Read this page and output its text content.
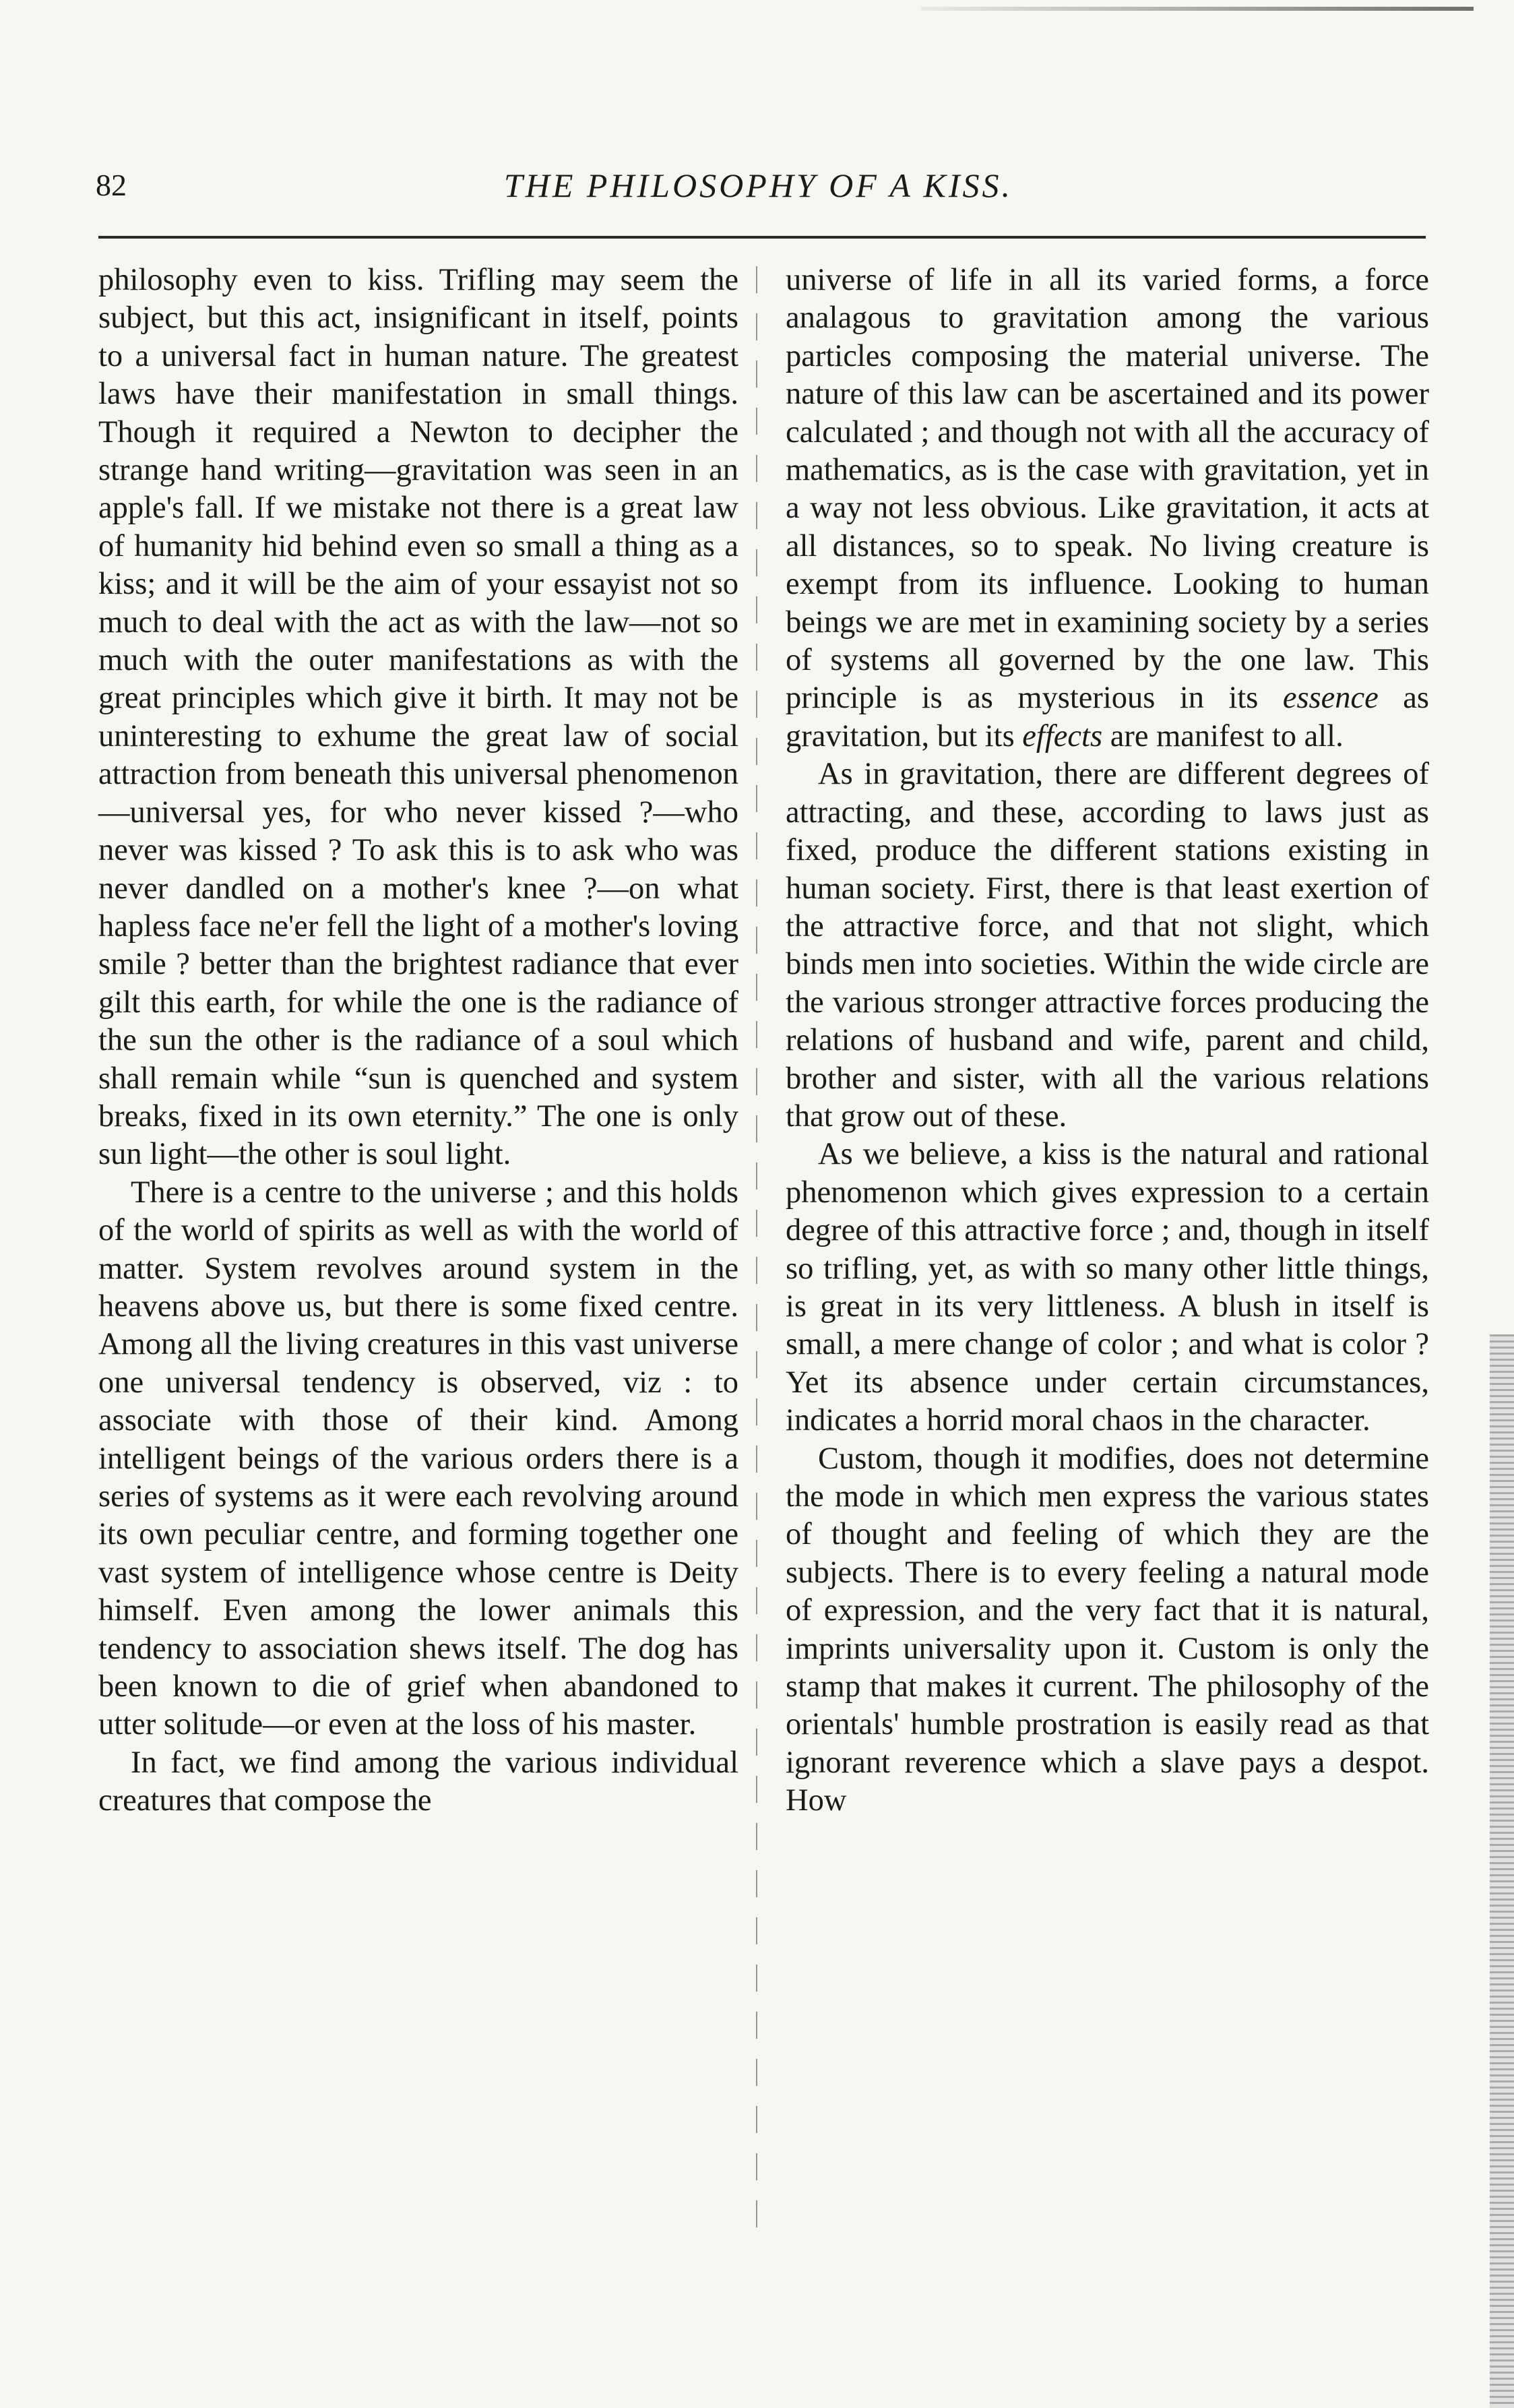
82	THE PHILOSOPHY OF A KISS.

philosophy even to kiss. Trifling may seem the subject, but this act, insignificant in itself, points to a universal fact in human nature. The greatest laws have their manifestation in small things. Though it required a Newton to decipher the strange hand writing—gravitation was seen in an apple's fall. If we mistake not there is a great law of humanity hid behind even so small a thing as a kiss; and it will be the aim of your essayist not so much to deal with the act as with the law—not so much with the outer manifestations as with the great principles which give it birth. It may not be uninteresting to exhume the great law of social attraction from beneath this universal phenomenon—universal yes, for who never kissed ?—who never was kissed ? To ask this is to ask who was never dandled on a mother's knee ?—on what hapless face ne'er fell the light of a mother's loving smile ? better than the brightest radiance that ever gilt this earth, for while the one is the radiance of the sun the other is the radiance of a soul which shall remain while “sun is quenched and system breaks, fixed in its own eternity.” The one is only sun light—the other is soul light.

There is a centre to the universe ; and this holds of the world of spirits as well as with the world of matter. System revolves around system in the heavens above us, but there is some fixed centre. Among all the living creatures in this vast universe one universal tendency is observed, viz : to associate with those of their kind. Among intelligent beings of the various orders there is a series of systems as it were each revolving around its own peculiar centre, and forming together one vast system of intelligence whose centre is Deity himself. Even among the lower animals this tendency to association shews itself. The dog has been known to die of grief when abandoned to utter solitude—or even at the loss of his master.

In fact, we find among the various individual creatures that compose the

universe of life in all its varied forms, a force analagous to gravitation among the various particles composing the material universe. The nature of this law can be ascertained and its power calculated ; and though not with all the accuracy of mathematics, as is the case with gravitation, yet in a way not less obvious. Like gravitation, it acts at all distances, so to speak. No living creature is exempt from its influence. Looking to human beings we are met in examining society by a series of systems all governed by the one law. This principle is as mysterious in its essence as gravitation, but its effects are manifest to all.

As in gravitation, there are different degrees of attracting, and these, according to laws just as fixed, produce the different stations existing in human society. First, there is that least exertion of the attractive force, and that not slight, which binds men into societies. Within the wide circle are the various stronger attractive forces producing the relations of husband and wife, parent and child, brother and sister, with all the various relations that grow out of these.

As we believe, a kiss is the natural and rational phenomenon which gives expression to a certain degree of this attractive force ; and, though in itself so trifling, yet, as with so many other little things, is great in its very littleness. A blush in itself is small, a mere change of color ; and what is color ? Yet its absence under certain circumstances, indicates a horrid moral chaos in the character.

Custom, though it modifies, does not determine the mode in which men express the various states of thought and feeling of which they are the subjects. There is to every feeling a natural mode of expression, and the very fact that it is natural, imprints universality upon it. Custom is only the stamp that makes it current. The philosophy of the orientals' humble prostration is easily read as that ignorant reverence which a slave pays a despot. How
